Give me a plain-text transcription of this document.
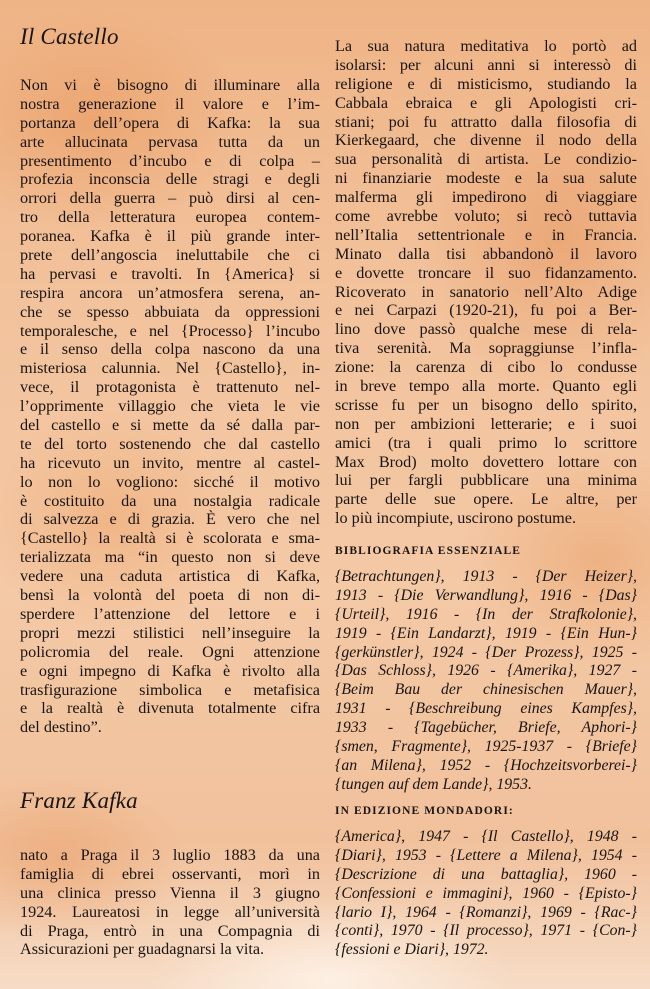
Il Castello
Non vi è bisogno di illuminare alla
nostra generazione il valore e l’im-
portanza dell’opera di Kafka: la sua
arte allucinata pervasa tutta da un
presentimento d’incubo e di colpa –
profezia inconscia delle stragi e degli
orrori della guerra – può dirsi al cen-
tro della letteratura europea contem-
poranea. Kafka è il più grande inter-
prete dell’angoscia ineluttabile che ci
ha pervasi e travolti. In {America} si
respira ancora un’atmosfera serena, an-
che se spesso abbuiata da oppressioni
temporalesche, e nel {Processo} l’incubo
e il senso della colpa nascono da una
misteriosa calunnia. Nel {Castello}, in-
vece, il protagonista è trattenuto nel-
l’opprimente villaggio che vieta le vie
del castello e si mette da sé dalla par-
te del torto sostenendo che dal castello
ha ricevuto un invito, mentre al castel-
lo non lo vogliono: sicché il motivo
è costituito da una nostalgia radicale
di salvezza e di grazia. È vero che nel
{Castello} la realtà si è scolorata e sma-
terializzata ma “in questo non si deve
vedere una caduta artistica di Kafka,
bensì la volontà del poeta di non di-
sperdere l’attenzione del lettore e i
propri mezzi stilistici nell’inseguire la
policromia del reale. Ogni attenzione
e ogni impegno di Kafka è rivolto alla
trasfigurazione simbolica e metafisica
e la realtà è divenuta totalmente cifra
del destino”.
Franz Kafka
nato a Praga il 3 luglio 1883 da una
famiglia di ebrei osservanti, morì in
una clinica presso Vienna il 3 giugno
1924. Laureatosi in legge all’università
di Praga, entrò in una Compagnia di
Assicurazioni per guadagnarsi la vita.
La sua natura meditativa lo portò ad
isolarsi: per alcuni anni si interessò di
religione e di misticismo, studiando la
Cabbala ebraica e gli Apologisti cri-
stiani; poi fu attratto dalla filosofia di
Kierkegaard, che divenne il nodo della
sua personalità di artista. Le condizio-
ni finanziarie modeste e la sua salute
malferma gli impedirono di viaggiare
come avrebbe voluto; si recò tuttavia
nell’Italia settentrionale e in Francia.
Minato dalla tisi abbandonò il lavoro
e dovette troncare il suo fidanzamento.
Ricoverato in sanatorio nell’Alto Adige
e nei Carpazi (1920-21), fu poi a Ber-
lino dove passò qualche mese di rela-
tiva serenità. Ma sopraggiunse l’infla-
zione: la carenza di cibo lo condusse
in breve tempo alla morte. Quanto egli
scrisse fu per un bisogno dello spirito,
non per ambizioni letterarie; e i suoi
amici (tra i quali primo lo scrittore
Max Brod) molto dovettero lottare con
lui per fargli pubblicare una minima
parte delle sue opere. Le altre, per
lo più incompiute, uscirono postume.
BIBLIOGRAFIA ESSENZIALE
{Betrachtungen}, 1913 - {Der Heizer},
1913 - {Die Verwandlung}, 1916 - {Das}
{Urteil}, 1916 - {In der Strafkolonie},
1919 - {Ein Landarzt}, 1919 - {Ein Hun-}
{gerkünstler}, 1924 - {Der Prozess}, 1925 -
{Das Schloss}, 1926 - {Amerika}, 1927 -
{Beim Bau der chinesischen Mauer},
1931 - {Beschreibung eines Kampfes},
1933 - {Tagebücher, Briefe, Aphori-}
{smen, Fragmente}, 1925-1937 - {Briefe}
{an Milena}, 1952 - {Hochzeitsvorberei-}
{tungen auf dem Lande}, 1953.
IN EDIZIONE MONDADORI:
{America}, 1947 - {Il Castello}, 1948 -
{Diari}, 1953 - {Lettere a Milena}, 1954 -
{Descrizione di una battaglia}, 1960 -
{Confessioni e immagini}, 1960 - {Episto-}
{lario I}, 1964 - {Romanzi}, 1969 - {Rac-}
{conti}, 1970 - {Il processo}, 1971 - {Con-}
{fessioni e Diari}, 1972.
